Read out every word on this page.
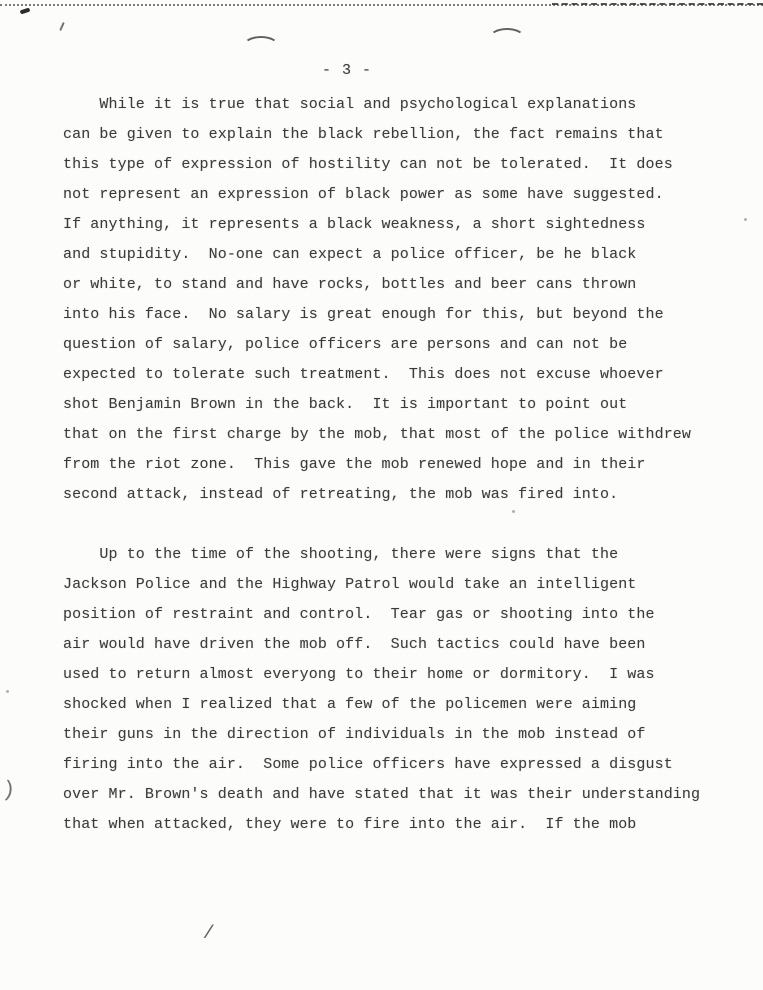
)
/
- 3 -
While it is true that social and psychological explanations
can be given to explain the black rebellion, the fact remains that
this type of expression of hostility can not be tolerated.  It does
not represent an expression of black power as some have suggested.
If anything, it represents a black weakness, a short sightedness
and stupidity.  No-one can expect a police officer, be he black
or white, to stand and have rocks, bottles and beer cans thrown
into his face.  No salary is great enough for this, but beyond the
question of salary, police officers are persons and can not be
expected to tolerate such treatment.  This does not excuse whoever
shot Benjamin Brown in the back.  It is important to point out
that on the first charge by the mob, that most of the police withdrew
from the riot zone.  This gave the mob renewed hope and in their
second attack, instead of retreating, the mob was fired into.
Up to the time of the shooting, there were signs that the
Jackson Police and the Highway Patrol would take an intelligent
position of restraint and control.  Tear gas or shooting into the
air would have driven the mob off.  Such tactics could have been
used to return almost everyong to their home or dormitory.  I was
shocked when I realized that a few of the policemen were aiming
their guns in the direction of individuals in the mob instead of
firing into the air.  Some police officers have expressed a disgust
over Mr. Brown's death and have stated that it was their understanding
that when attacked, they were to fire into the air.  If the mob
